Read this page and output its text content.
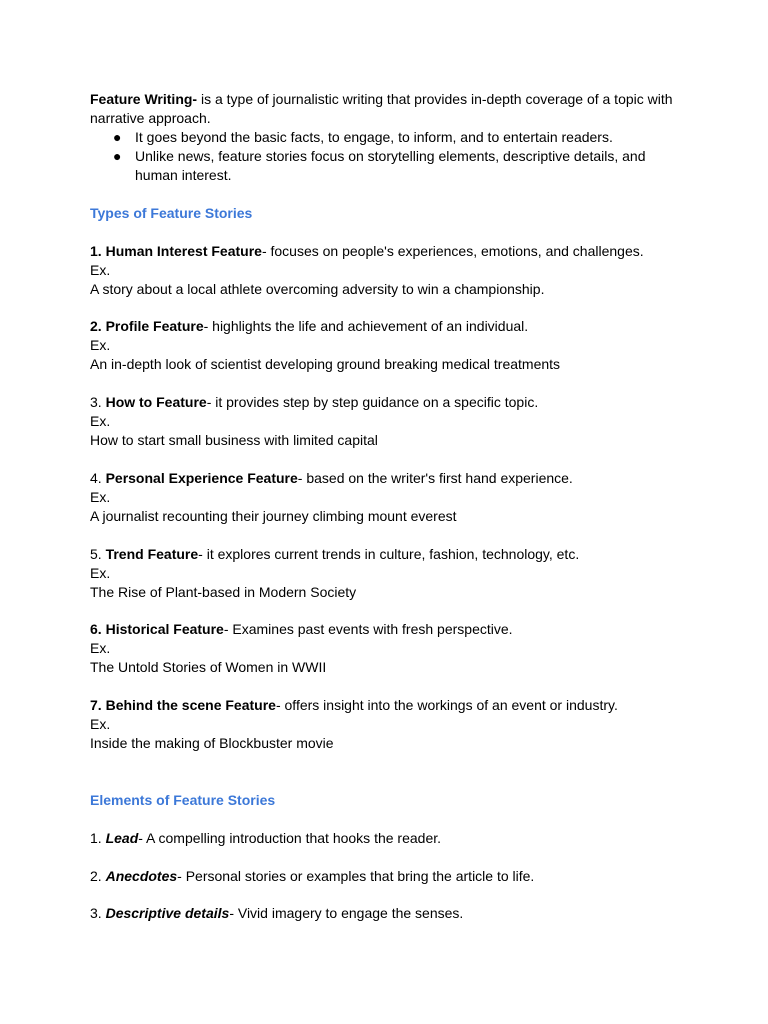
Feature Writing- is a type of journalistic writing that provides in-depth coverage of a topic with narrative approach.

● It goes beyond the basic facts, to engage, to inform, and to entertain readers.
● Unlike news, feature stories focus on storytelling elements, descriptive details, and human interest.

Types of Feature Stories

1. Human Interest Feature- focuses on people's experiences, emotions, and challenges.

Ex.

A story about a local athlete overcoming adversity to win a championship.

2. Profile Feature- highlights the life and achievement of an individual.

Ex.

An in-depth look of scientist developing ground breaking medical treatments

3. How to Feature- it provides step by step guidance on a specific topic.

Ex.

How to start small business with limited capital

4. Personal Experience Feature- based on the writer's first hand experience.

Ex.

A journalist recounting their journey climbing mount everest

5. Trend Feature- it explores current trends in culture, fashion, technology, etc.

Ex.

The Rise of Plant-based in Modern Society

6. Historical Feature- Examines past events with fresh perspective.

Ex.

The Untold Stories of Women in WWII

7. Behind the scene Feature- offers insight into the workings of an event or industry.

Ex.

Inside the making of Blockbuster movie

Elements of Feature Stories

1. Lead- A compelling introduction that hooks the reader.

2. Anecdotes- Personal stories or examples that bring the article to life.

3. Descriptive details- Vivid imagery to engage the senses.
